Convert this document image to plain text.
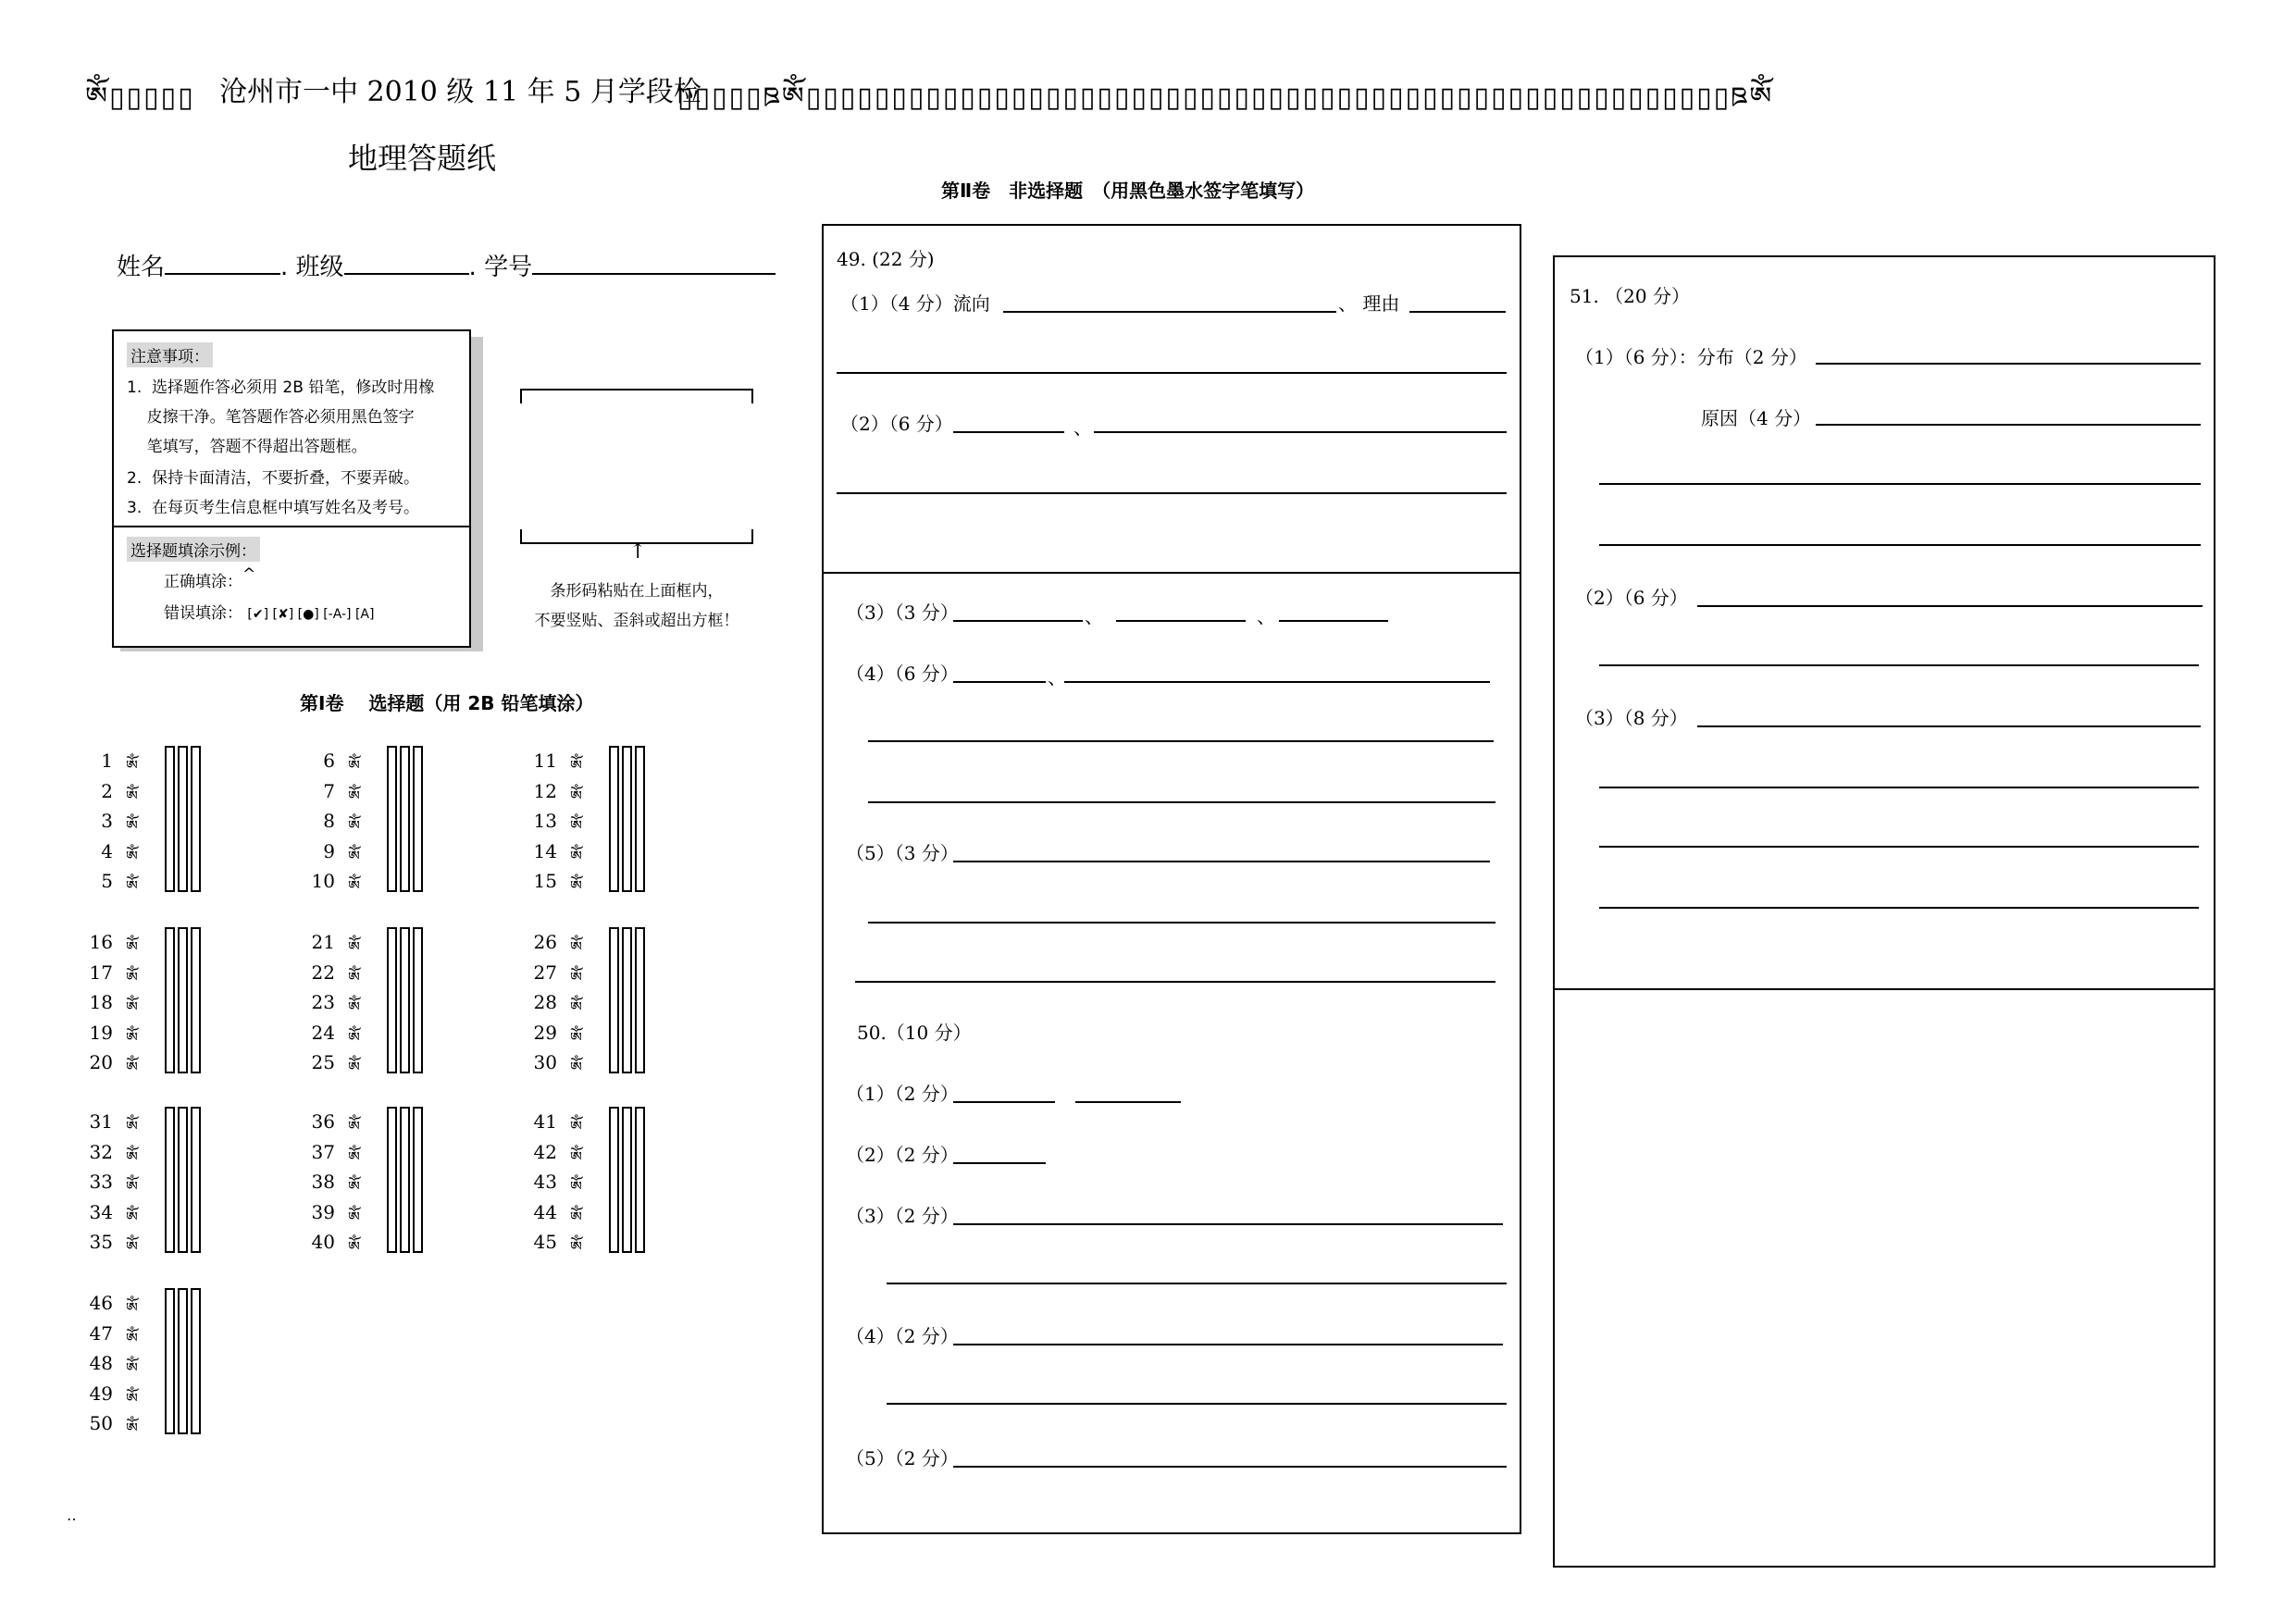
ༀ▯▯▯▯▯ 沧州市一中 2010 级 11 年 5 月学段检
▯▯▯▯▯ཋༀ▯▯▯▯▯▯▯▯▯▯▯▯▯▯▯▯▯▯▯▯▯▯▯▯▯▯▯▯▯▯▯▯▯▯▯▯▯▯▯▯▯▯▯▯▯▯▯▯▯▯▯▯▯▯ཋༀ
地理答题纸
第Ⅱ卷　非选择题　（用黑色墨水签字笔填写）
姓名	. 班级	. 学号
注意事项：
1.  选择题作答必须用 2B 铅笔，修改时用橡
皮擦干净。笔答题作答必须用黑色签字
笔填写，答题不得超出答题框。
2.  保持卡面清洁，不要折叠，不要弄破。
3.  在每页考生信息框中填写姓名及考号。
选择题填涂示例：
正确填涂：^
错误填涂： [✔] [✘] [●] [-A-] [A]
↑
条形码粘贴在上面框内，
不要竖贴、歪斜或超出方框！
第Ⅰ卷　 选择题（用 2B 铅笔填涂）
1 ༀ
2 ༀ
3 ༀ
4 ༀ
5 ༀ
6 ༀ
7 ༀ
8 ༀ
9 ༀ
10 ༀ
11 ༀ
12 ༀ
13 ༀ
14 ༀ
15 ༀ
16 ༀ
17 ༀ
18 ༀ
19 ༀ
20 ༀ
21 ༀ
22 ༀ
23 ༀ
24 ༀ
25 ༀ
26 ༀ
27 ༀ
28 ༀ
29 ༀ
30 ༀ
31 ༀ
32 ༀ
33 ༀ
34 ༀ
35 ༀ
36 ༀ
37 ༀ
38 ༀ
39 ༀ
40 ༀ
41 ༀ
42 ༀ
43 ༀ
44 ༀ
45 ༀ
46 ༀ
47 ༀ
48 ༀ
49 ༀ
50 ༀ
49. (22 分)
（1）（4 分）流向	、 理由
（2）（6 分）	、
（3）（3 分）	、	、
（4）（6 分）	、
（5）（3 分）
50.（10 分）
（1）（2 分）
（2）（2 分）
（3）（2 分）
（4）（2 分）
（5）（2 分）
51. （20 分）
（1）（6 分）：分布（2 分）
原因（4 分）
（2）（6 分）
（3）（8 分）
‥
